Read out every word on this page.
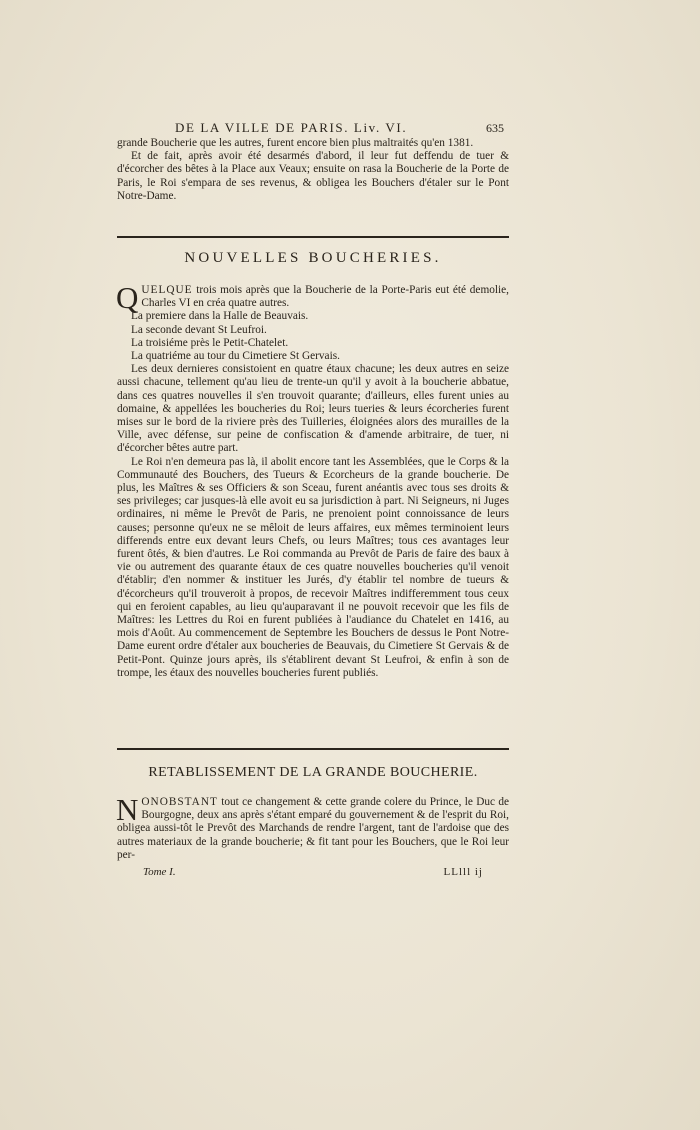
DE LA VILLE DE PARIS. Liv. VI.	635

grande Boucherie que les autres, furent encore bien plus maltraités qu'en 1381.

Et de fait, après avoir été desarmés d'abord, il leur fut deffendu de tuer & d'écorcher des bêtes à la Place aux Veaux; ensuite on rasa la Boucherie de la Porte de Paris, le Roi s'empara de ses revenus, & obligea les Bouchers d'étaler sur le Pont Notre-Dame.

NOUVELLES BOUCHERIES.

QUELQUE trois mois après que la Boucherie de la Porte-Paris eut été demolie, Charles VI en créa quatre autres.

La premiere dans la Halle de Beauvais.

La seconde devant St Leufroi.

La troisiéme près le Petit-Chatelet.

La quatriéme au tour du Cimetiere St Gervais.

Les deux dernieres consistoient en quatre étaux chacune; les deux autres en seize aussi chacune, tellement qu'au lieu de trente-un qu'il y avoit à la boucherie abbatue, dans ces quatres nouvelles il s'en trouvoit quarante; d'ailleurs, elles furent unies au domaine, & appellées les boucheries du Roi; leurs tueries & leurs écorcheries furent mises sur le bord de la riviere près des Tuilleries, éloignées alors des murailles de la Ville, avec défense, sur peine de confiscation & d'amende arbitraire, de tuer, ni d'écorcher bêtes autre part.

Le Roi n'en demeura pas là, il abolit encore tant les Assemblées, que le Corps & la Communauté des Bouchers, des Tueurs & Ecorcheurs de la grande boucherie. De plus, les Maîtres & ses Officiers & son Sceau, furent anéantis avec tous ses droits & ses privileges; car jusques-là elle avoit eu sa jurisdiction à part. Ni Seigneurs, ni Juges ordinaires, ni même le Prevôt de Paris, ne prenoient point connoissance de leurs causes; personne qu'eux ne se mêloit de leurs affaires, eux mêmes terminoient leurs differends entre eux devant leurs Chefs, ou leurs Maîtres; tous ces avantages leur furent ôtés, & bien d'autres. Le Roi commanda au Prevôt de Paris de faire des baux à vie ou autrement des quarante étaux de ces quatre nouvelles boucheries qu'il venoit d'établir; d'en nommer & instituer les Jurés, d'y établir tel nombre de tueurs & d'écorcheurs qu'il trouveroit à propos, de recevoir Maîtres indifferemment tous ceux qui en feroient capables, au lieu qu'auparavant il ne pouvoit recevoir que les fils de Maîtres: les Lettres du Roi en furent publiées à l'audiance du Chatelet en 1416, au mois d'Août. Au commencement de Septembre les Bouchers de dessus le Pont Notre-Dame eurent ordre d'étaler aux boucheries de Beauvais, du Cimetiere St Gervais & de Petit-Pont. Quinze jours après, ils s'établirent devant St Leufroi, & enfin à son de trompe, les étaux des nouvelles boucheries furent publiés.

RETABLISSEMENT DE LA GRANDE BOUCHERIE.

NONOBSTANT tout ce changement & cette grande colere du Prince, le Duc de Bourgogne, deux ans après s'étant emparé du gouvernement & de l'esprit du Roi, obligea aussi-tôt le Prevôt des Marchands de rendre l'argent, tant de l'ardoise que des autres materiaux de la grande boucherie; & fit tant pour les Bouchers, que le Roi leur per-

Tome I.	LLlll ij
